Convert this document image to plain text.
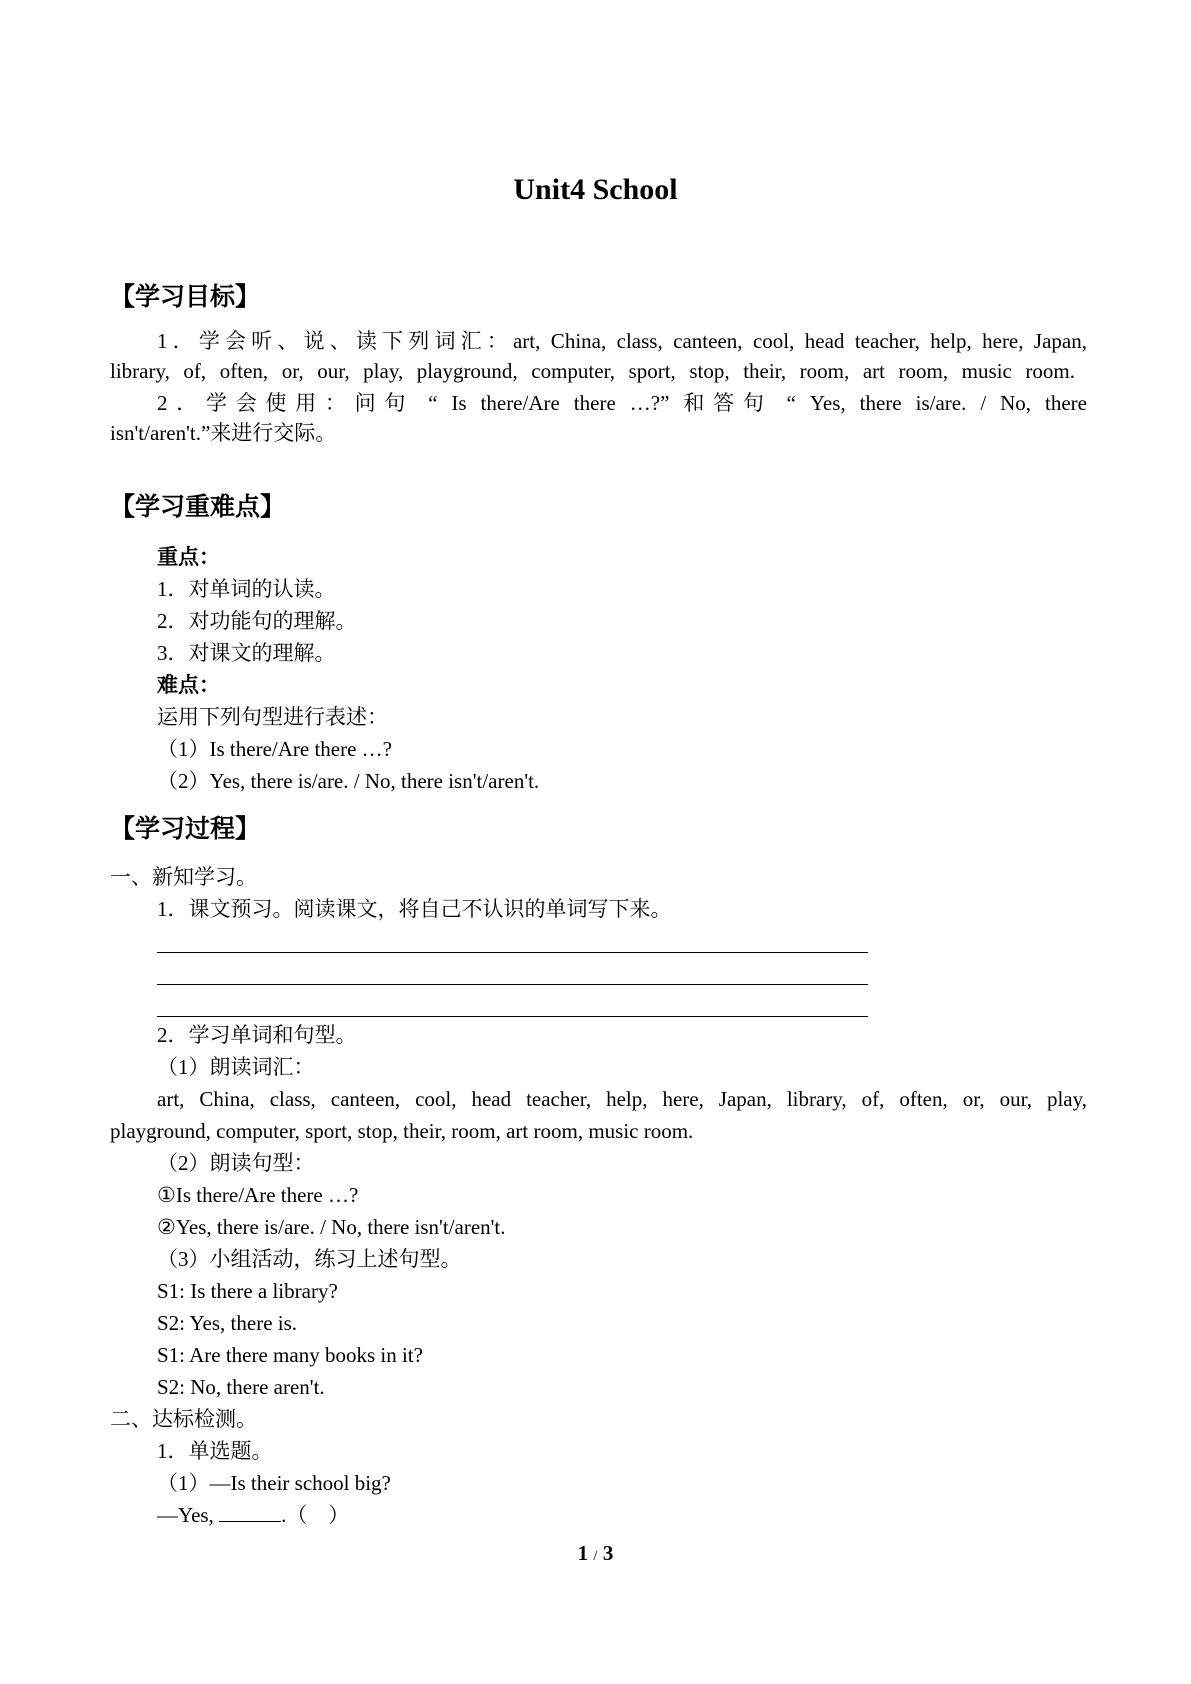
Unit4 School
【学习目标】
1．学会听、说、读下列词汇：art, China, class, canteen, cool, head teacher, help, here, Japan,
library, of, often, or, our, play, playground, computer, sport, stop, their, room, art room, music room.
2．学会使用：问句 “ Is there/Are there …?” 和答句 “ Yes, there is/are. / No, there
isn't/aren't.”来进行交际。
【学习重难点】
重点：
1．对单词的认读。
2．对功能句的理解。
3．对课文的理解。
难点：
运用下列句型进行表述：
（1）Is there/Are there …?
（2）Yes, there is/are. / No, there isn't/aren't.
【学习过程】
一、新知学习。
1．课文预习。阅读课文，将自己不认识的单词写下来。
2．学习单词和句型。
（1）朗读词汇：
art, China, class, canteen, cool, head teacher, help, here, Japan, library, of, often, or, our, play,
playground, computer, sport, stop, their, room, art room, music room.
（2）朗读句型：
①Is there/Are there …?
②Yes, there is/are. / No, there isn't/aren't.
（3）小组活动，练习上述句型。
S1: Is there a library?
S2: Yes, there is.
S1: Are there many books in it?
S2: No, there aren't.
二、达标检测。
1．单选题。
（1）—Is their school big?
—Yes,	.（　）
1 / 3
